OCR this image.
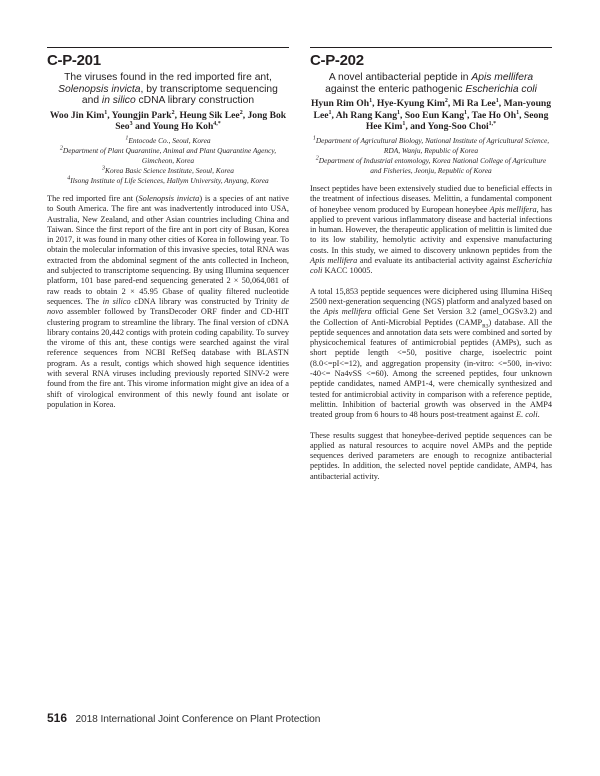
C-P-201
The viruses found in the red imported fire ant, Solenopsis invicta, by transcriptome sequencing and in silico cDNA library construction
Woo Jin Kim$^1$, Youngjin Park$^2$, Heung Sik Lee$^2$, Jong Bok Seo$^3$ and Young Ho Koh$^{4,*}$
$^1$Entocode Co., Seoul, Korea
$^2$Department of Plant Quarantine, Animal and Plant Quarantine Agency, Gimcheon, Korea
$^3$Korea Basic Science Institute, Seoul, Korea
$^4$Ilsong Institute of Life Sciences, Hallym University, Anyang, Korea

The red imported fire ant (Solenopsis invicta) is a species of ant native to South America. The fire ant was inadvertently introduced into USA, Australia, New Zealand, and other Asian countries including China and Taiwan. Since the first report of the fire ant in port city of Busan, Korea in 2017, it was found in many other cities of Korea in following year. To obtain the molecular information of this invasive species, total RNA was extracted from the abdominal segment of the ants collected in Incheon, and subjected to transcriptome sequencing. By using Illumina sequencer platform, 101 base pared-end sequencing generated 2 × 50,064,081 of raw reads to obtain 2 × 45.95 Gbase of quality filtered nucleotide sequences. The in silico cDNA library was constructed by Trinity de novo assembler followed by TransDecoder ORF finder and CD-HIT clustering program to streamline the library. The final version of cDNA library contains 20,442 contigs with protein coding capability. To survey the virome of this ant, these contigs were searched against the viral reference sequences from NCBI RefSeq database with BLASTN program. As a result, contigs which showed high sequence identities with several RNA viruses including previously reported SINV-2 were found from the fire ant. This virome information might give an idea of a shift of virological environment of this newly found ant isolate or population in Korea.

C-P-202
A novel antibacterial peptide in Apis mellifera against the enteric pathogenic Escherichia coli
Hyun Rim Oh$^1$, Hye-Kyung Kim$^2$, Mi Ra Lee$^1$, Man-young Lee$^1$, Ah Rang Kang$^1$, Soo Eun Kang$^1$, Tae Ho Oh$^1$, Seong Hee Kim$^1$, and Yong-Soo Choi$^{1,*}$
$^1$Department of Agricultural Biology, National Institute of Agricultural Science, RDA, Wanju, Republic of Korea
$^2$Department of Industrial entomology, Korea National College of Agriculture and Fisheries, Jeonju, Republic of Korea

Insect peptides have been extensively studied due to beneficial effects in the treatment of infectious diseases. Melittin, a fundamental component of honeybee venom produced by European honeybee Apis mellifera, has applied to prevent various inflammatory disease and bacterial infections in human. However, the therapeutic application of melittin is limited due to its low stability, hemolytic activity and expensive manufacturing costs. In this study, we aimed to discovery unknown peptides from the Apis mellifera and evaluate its antibacterial activity against Escherichia coli KACC 10005.

A total 15,853 peptide sequences were diciphered using Illumina HiSeq 2500 next-generation sequencing (NGS) platform and analyzed based on the Apis mellifera official Gene Set Version 3.2 (amel_OGSv3.2) and the Collection of Anti-Microbial Peptides $(CAMP_{R3})$ database. All the peptide sequences and annotation data sets were combined and sorted by physicochemical features of antimicrobial peptides (AMPs), such as short peptide length <=50, positive charge, isoelectric point (8.0<=pI<=12), and aggregation propensity (in-vitro: <=500, in-vivo: -40<= Na4vSS <=60). Among the screened peptides, four unknown peptide candidates, named AMP1-4, were chemically synthesized and tested for antimicrobial activity in comparison with a reference peptide, melittin. Inhibition of bacterial growth was observed in the AMP4 treated group from 6 hours to 48 hours post-treatment against E. coli.

These results suggest that honeybee-derived peptide sequences can be applied as natural resources to acquire novel AMPs and the peptide sequences derived parameters are enough to recognize antibacterial peptides. In addition, the selected novel peptide candidate, AMP4, has antibacterial activity.

516 2018 International Joint Conference on Plant Protection
